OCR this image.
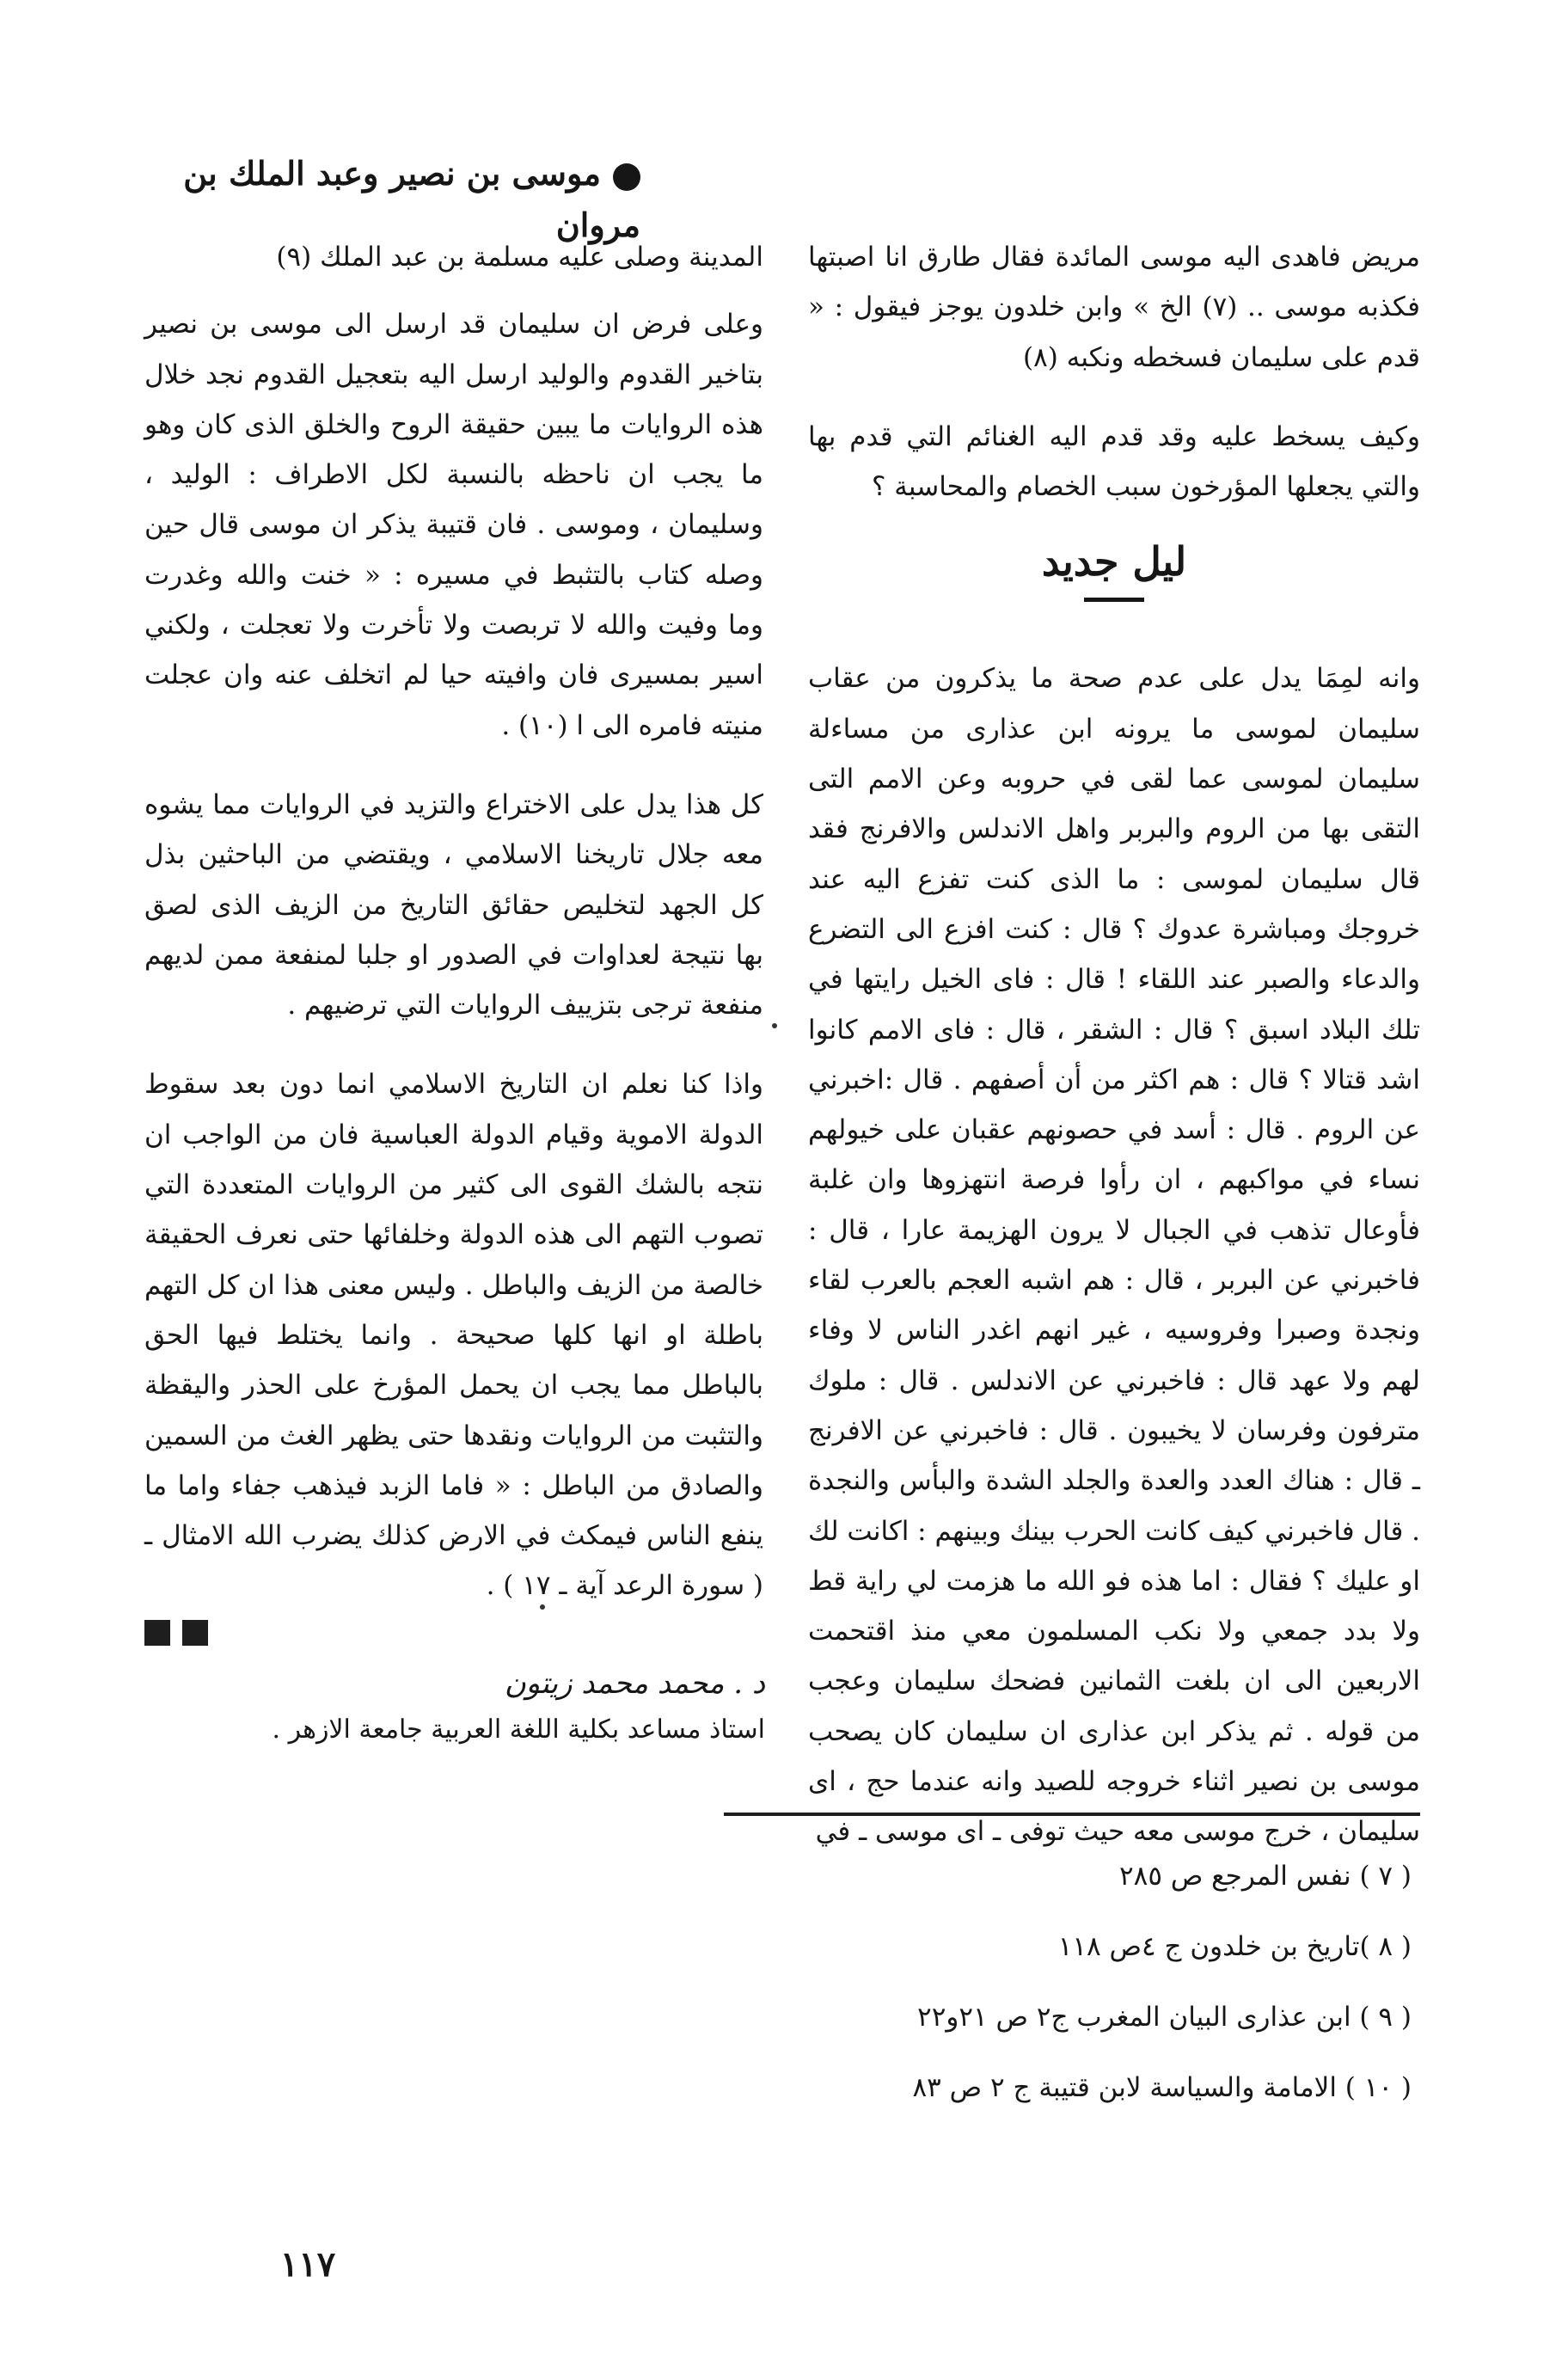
موسى بن نصير وعبد الملك بن مروان

مريض فاهدى اليه موسى المائدة فقال طارق انا اصبتها فكذبه موسى .. (٧) الخ » وابن خلدون يوجز فيقول : « قدم على سليمان فسخطه ونكبه (٨)

وكيف يسخط عليه وقد قدم اليه الغنائم التي قدم بها والتي يجعلها المؤرخون سبب الخصام والمحاسبة ؟

ليل جديد

وانه لمِمَا يدل على عدم صحة ما يذكرون من عقاب سليمان لموسى ما يرونه ابن عذارى من مساءلة سليمان لموسى عما لقى في حروبه وعن الامم التى التقى بها من الروم والبربر واهل الاندلس والافرنج فقد قال سليمان لموسى : ما الذى كنت تفزع اليه عند خروجك ومباشرة عدوك ؟ قال : كنت افزع الى التضرع والدعاء والصبر عند اللقاء ! قال : فاى الخيل رايتها في تلك البلاد اسبق ؟ قال : الشقر ، قال : فاى الامم كانوا اشد قتالا ؟ قال : هم اكثر من أن أصفهم . قال :اخبرني عن الروم . قال : أسد في حصونهم عقبان على خيولهم نساء في مواكبهم ، ان رأوا فرصة انتهزوها وان غلبة فأوعال تذهب في الجبال لا يرون الهزيمة عارا ، قال : فاخبرني عن البربر ، قال : هم اشبه العجم بالعرب لقاء ونجدة وصبرا وفروسيه ، غير انهم اغدر الناس لا وفاء لهم ولا عهد قال : فاخبرني عن الاندلس . قال : ملوك مترفون وفرسان لا يخيبون . قال : فاخبرني عن الافرنج ـ قال : هناك العدد والعدة والجلد الشدة والبأس والنجدة . قال فاخبرني كيف كانت الحرب بينك وبينهم : اكانت لك او عليك ؟ فقال : اما هذه فو الله ما هزمت لي راية قط ولا بدد جمعي ولا نكب المسلمون معي منذ اقتحمت الاربعين الى ان بلغت الثمانين فضحك سليمان وعجب من قوله . ثم يذكر ابن عذارى ان سليمان كان يصحب موسى بن نصير اثناء خروجه للصيد وانه عندما حج ، اى سليمان ، خرج موسى معه حيث توفى ـ اى موسى ـ في

المدينة وصلى عليه مسلمة بن عبد الملك (٩)

وعلى فرض ان سليمان قد ارسل الى موسى بن نصير بتاخير القدوم والوليد ارسل اليه بتعجيل القدوم نجد خلال هذه الروايات ما يبين حقيقة الروح والخلق الذى كان وهو ما يجب ان ناحظه بالنسبة لكل الاطراف : الوليد ، وسليمان ، وموسى . فان قتيبة يذكر ان موسى قال حين وصله كتاب بالتثبط في مسيره : « خنت والله وغدرت وما وفيت والله لا تربصت ولا تأخرت ولا تعجلت ، ولكني اسير بمسيرى فان وافيته حيا لم اتخلف عنه وان عجلت منيته فامره الى ا (١٠) .

كل هذا يدل على الاختراع والتزيد في الروايات مما يشوه معه جلال تاريخنا الاسلامي ، ويقتضي من الباحثين بذل كل الجهد لتخليص حقائق التاريخ من الزيف الذى لصق بها نتيجة لعداوات في الصدور او جلبا لمنفعة ممن لديهم منفعة ترجى بتزييف الروايات التي ترضيهم .

واذا كنا نعلم ان التاريخ الاسلامي انما دون بعد سقوط الدولة الاموية وقيام الدولة العباسية فان من الواجب ان نتجه بالشك القوى الى كثير من الروايات المتعددة التي تصوب التهم الى هذه الدولة وخلفائها حتى نعرف الحقيقة خالصة من الزيف والباطل . وليس معنى هذا ان كل التهم باطلة او انها كلها صحيحة . وانما يختلط فيها الحق بالباطل مما يجب ان يحمل المؤرخ على الحذر واليقظة والتثبت من الروايات ونقدها حتى يظهر الغث من السمين والصادق من الباطل : « فاما الزبد فيذهب جفاء واما ما ينفع الناس فيمكث في الارض كذلك يضرب الله الامثال ـ ( سورة الرعد آية ـ ١٧ ) .

د . محمد محمد زيتون
استاذ مساعد بكلية اللغة العربية جامعة الازهر .
( ٧ ) نفس المرجع ص ٢٨٥
( ٨ )تاريخ بن خلدون ج ٤ص ١١٨
( ٩ ) ابن عذارى البيان المغرب ج٢ ص ٢١و٢٢
( ١٠ ) الامامة والسياسة لابن قتيبة ج ٢ ص ٨٣
١١٧
